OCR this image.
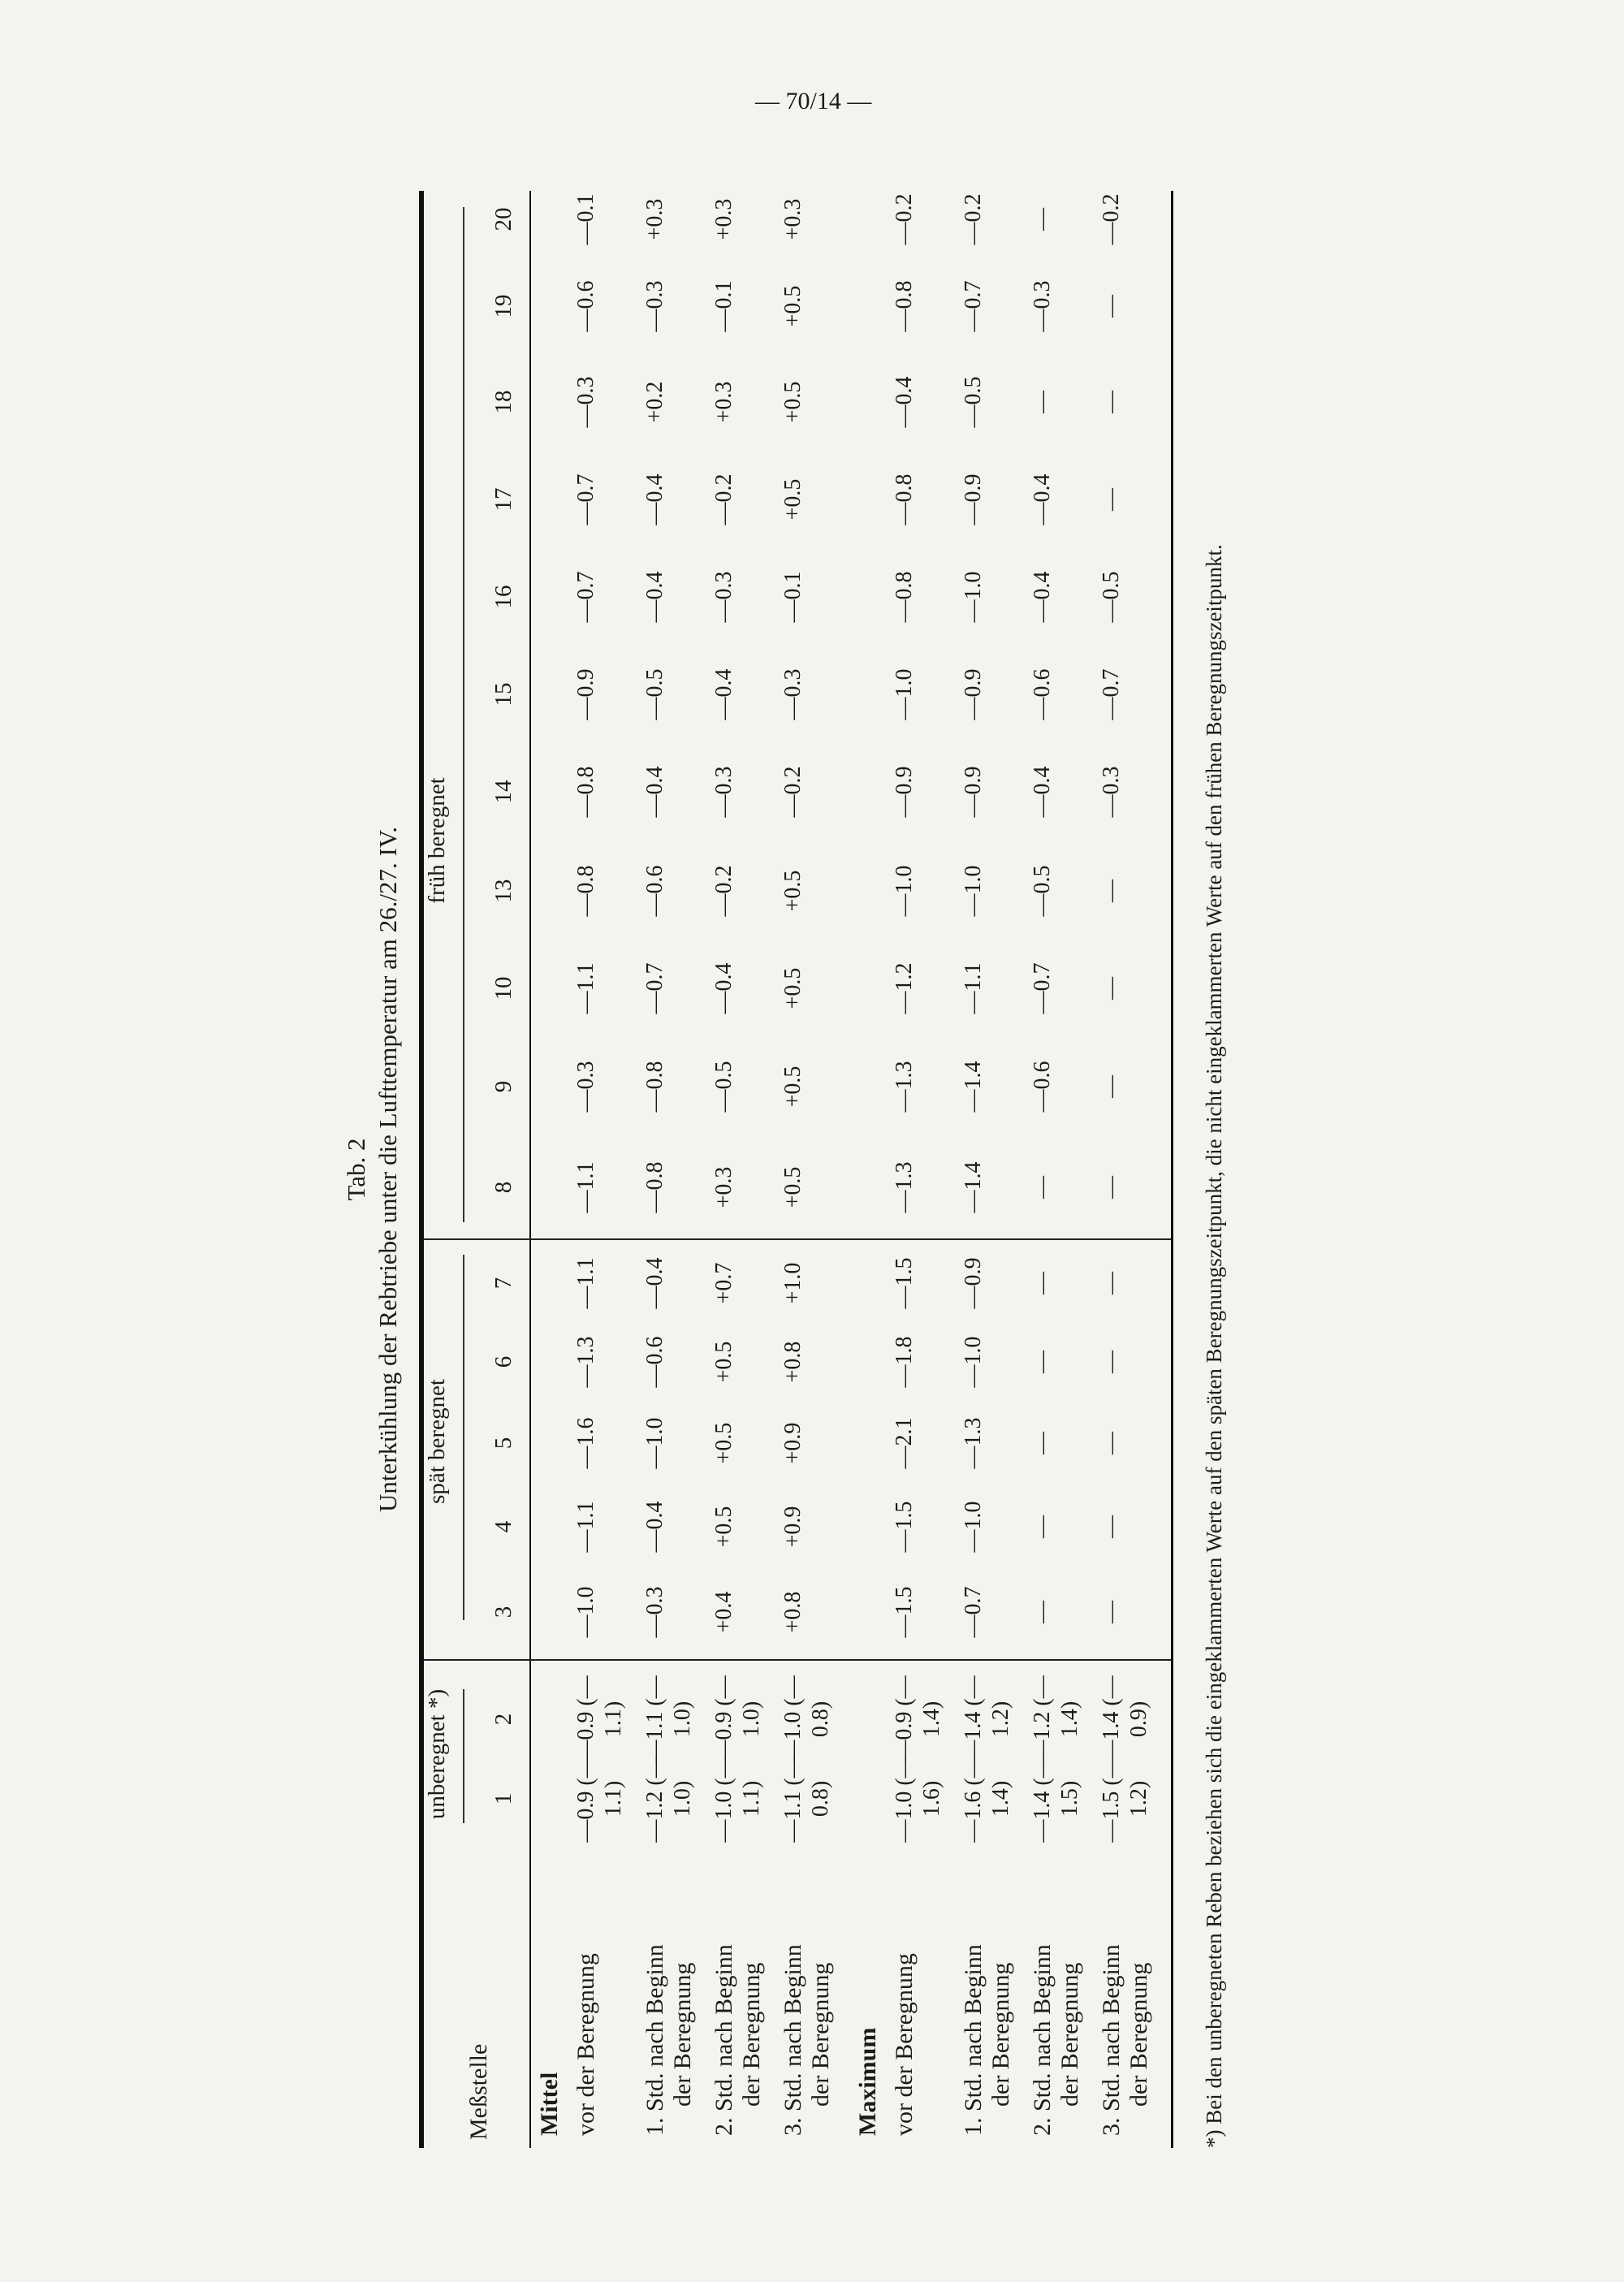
— 70/14 —
Tab. 2 Unterkühlung der Rebtriebe unter die Lufttemperatur am 26./27. IV.
Meßstelle
unberegnet *)
spät beregnet
früh beregnet
1
2
3
4
5
6
7
8
9
10
13
14
15
16
17
18
19
20
Mittel vor der Beregnung
—0.9 (—1.1)
—0.9 (—1.1)
—1.0
—1.1
—1.6
—1.3
—1.1
—1.1
—0.3
—1.1
—0.8
—0.8
—0.9
—0.7
—0.7
—0.3
—0.6
—0.1
1. Std. nach Beginn der Beregnung
—1.2 (—1.0)
—1.1 (—1.0)
—0.3
—0.4
—1.0
—0.6
—0.4
—0.8
—0.8
—0.7
—0.6
—0.4
—0.5
—0.4
—0.4
+0.2
—0.3
+0.3
2. Std. nach Beginn der Beregnung
—1.0 (—1.1)
—0.9 (—1.0)
+0.4
+0.5
+0.5
+0.5
+0.7
+0.3
—0.5
—0.4
—0.2
—0.3
—0.4
—0.3
—0.2
+0.3
—0.1
+0.3
3. Std. nach Beginn der Beregnung
—1.1 (—0.8)
—1.0 (—0.8)
+0.8
+0.9
+0.9
+0.8
+1.0
+0.5
+0.5
+0.5
+0.5
—0.2
—0.3
—0.1
+0.5
+0.5
+0.5
+0.3
Maximum vor der Beregnung
—1.0 (—1.6)
—0.9 (—1.4)
—1.5
—1.5
—2.1
—1.8
—1.5
—1.3
—1.3
—1.2
—1.0
—0.9
—1.0
—0.8
—0.8
—0.4
—0.8
—0.2
1. Std. nach Beginn der Beregnung
—1.6 (—1.4)
—1.4 (—1.2)
—0.7
—1.0
—1.3
—1.0
—0.9
—1.4
—1.4
—1.1
—1.0
—0.9
—0.9
—1.0
—0.9
—0.5
—0.7
—0.2
2. Std. nach Beginn der Beregnung
—1.4 (—1.5)
—1.2 (—1.4)
—
—
—
—
—
—
—0.6
—0.7
—0.5
—0.4
—0.6
—0.4
—0.4
—
—0.3
—
3. Std. nach Beginn der Beregnung
—1.5 (—1.2)
—1.4 (—0.9)
—
—
—
—
—
—
—
—
—
—0.3
—0.7
—0.5
—
—
—
—0.2
*) Bei den unberegneten Reben beziehen sich die eingeklammerten Werte auf den späten Beregnungszeitpunkt, die nicht eingeklammerten Werte auf den frühen Beregnungszeitpunkt.
